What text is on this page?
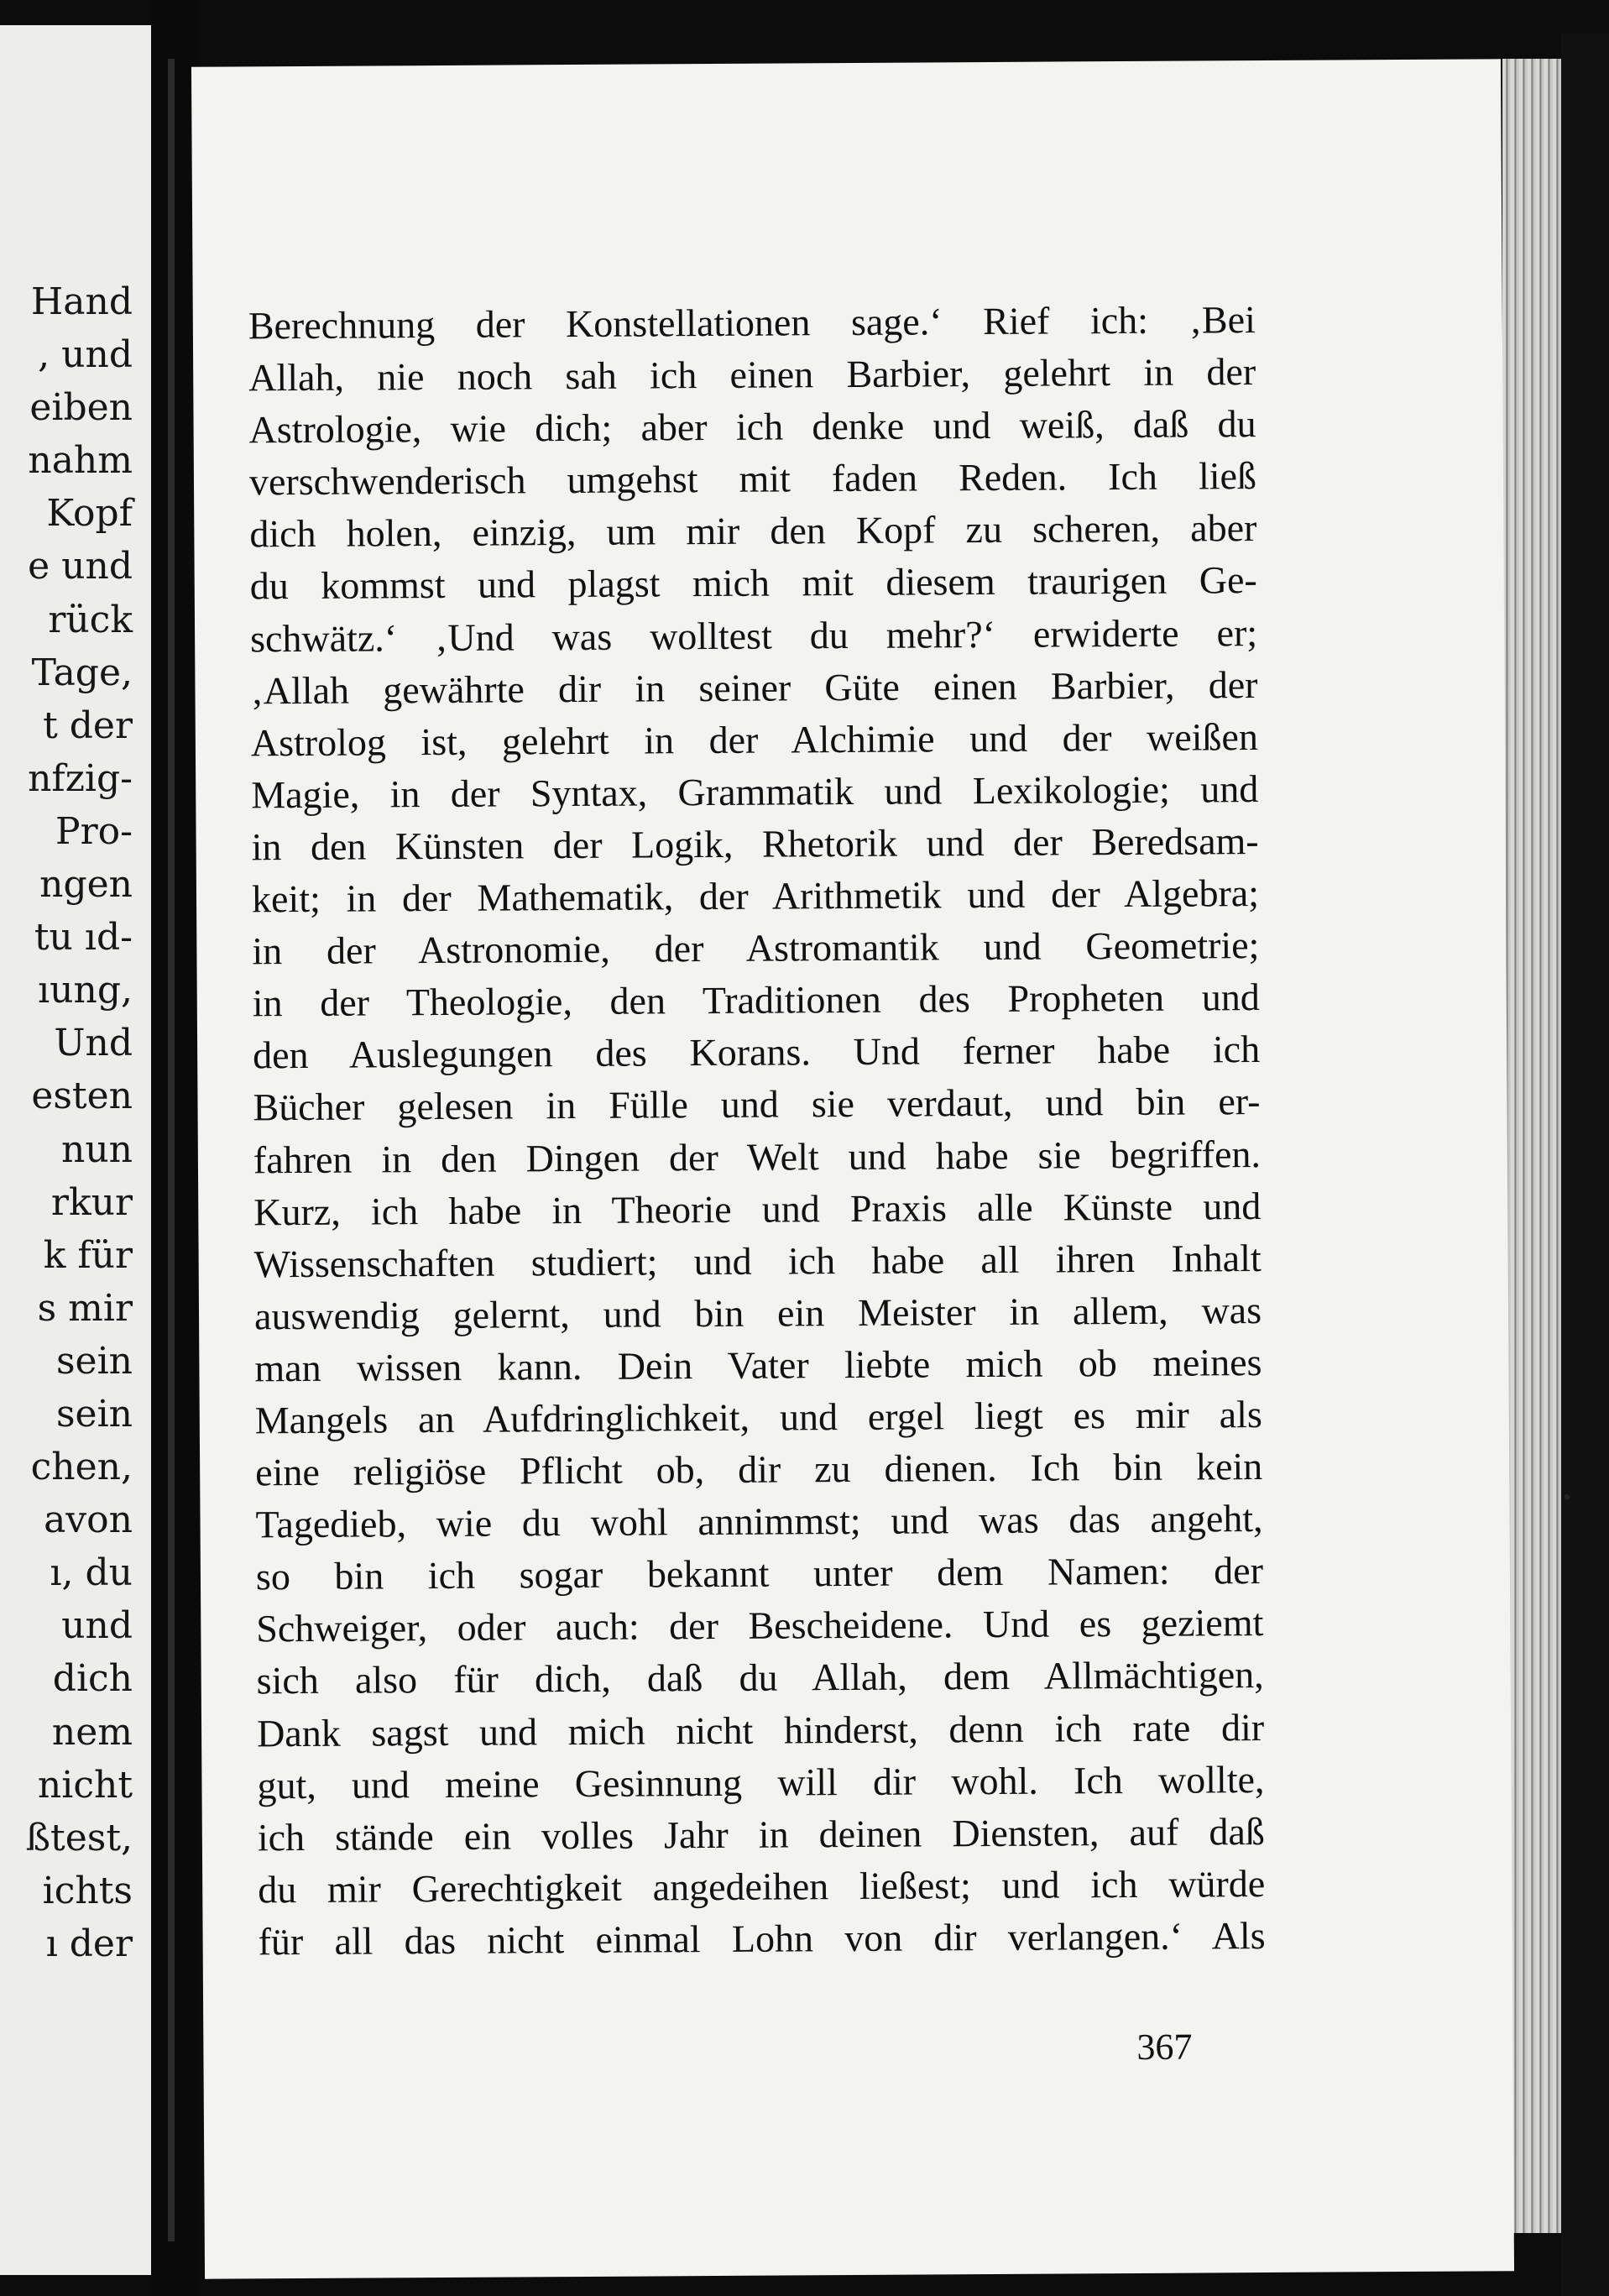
Hand
, und
eiben
nahm
Kopf
e und
rück
Tage,
t der
nfzig-
Pro-
ngen
tu ıd-
ıung,
Und
esten
nun
rkur
k für
s mir
sein
sein
chen,
avon
ı, du
und
dich
nem
nicht
ßtest,
ichts
ı der
Berechnung der Konstellationen sage.‘ Rief ich: ‚Bei
Allah, nie noch sah ich einen Barbier, gelehrt in der
Astrologie, wie dich; aber ich denke und weiß, daß du
verschwenderisch umgehst mit faden Reden. Ich ließ
dich holen, einzig, um mir den Kopf zu scheren, aber
du kommst und plagst mich mit diesem traurigen Ge-
schwätz.‘ ‚Und was wolltest du mehr?‘ erwiderte er;
‚Allah gewährte dir in seiner Güte einen Barbier, der
Astrolog ist, gelehrt in der Alchimie und der weißen
Magie, in der Syntax, Grammatik und Lexikologie; und
in den Künsten der Logik, Rhetorik und der Beredsam-
keit; in der Mathematik, der Arithmetik und der Algebra;
in der Astronomie, der Astromantik und Geometrie;
in der Theologie, den Traditionen des Propheten und
den Auslegungen des Korans. Und ferner habe ich
Bücher gelesen in Fülle und sie verdaut, und bin er-
fahren in den Dingen der Welt und habe sie begriffen.
Kurz, ich habe in Theorie und Praxis alle Künste und
Wissenschaften studiert; und ich habe all ihren Inhalt
auswendig gelernt, und bin ein Meister in allem, was
man wissen kann. Dein Vater liebte mich ob meines
Mangels an Aufdringlichkeit, und ergel liegt es mir als
eine religiöse Pflicht ob, dir zu dienen. Ich bin kein
Tagedieb, wie du wohl annimmst; und was das angeht,
so bin ich sogar bekannt unter dem Namen: der
Schweiger, oder auch: der Bescheidene. Und es geziemt
sich also für dich, daß du Allah, dem Allmächtigen,
Dank sagst und mich nicht hinderst, denn ich rate dir
gut, und meine Gesinnung will dir wohl. Ich wollte,
ich stände ein volles Jahr in deinen Diensten, auf daß
du mir Gerechtigkeit angedeihen ließest; und ich würde
für all das nicht einmal Lohn von dir verlangen.‘ Als
367
